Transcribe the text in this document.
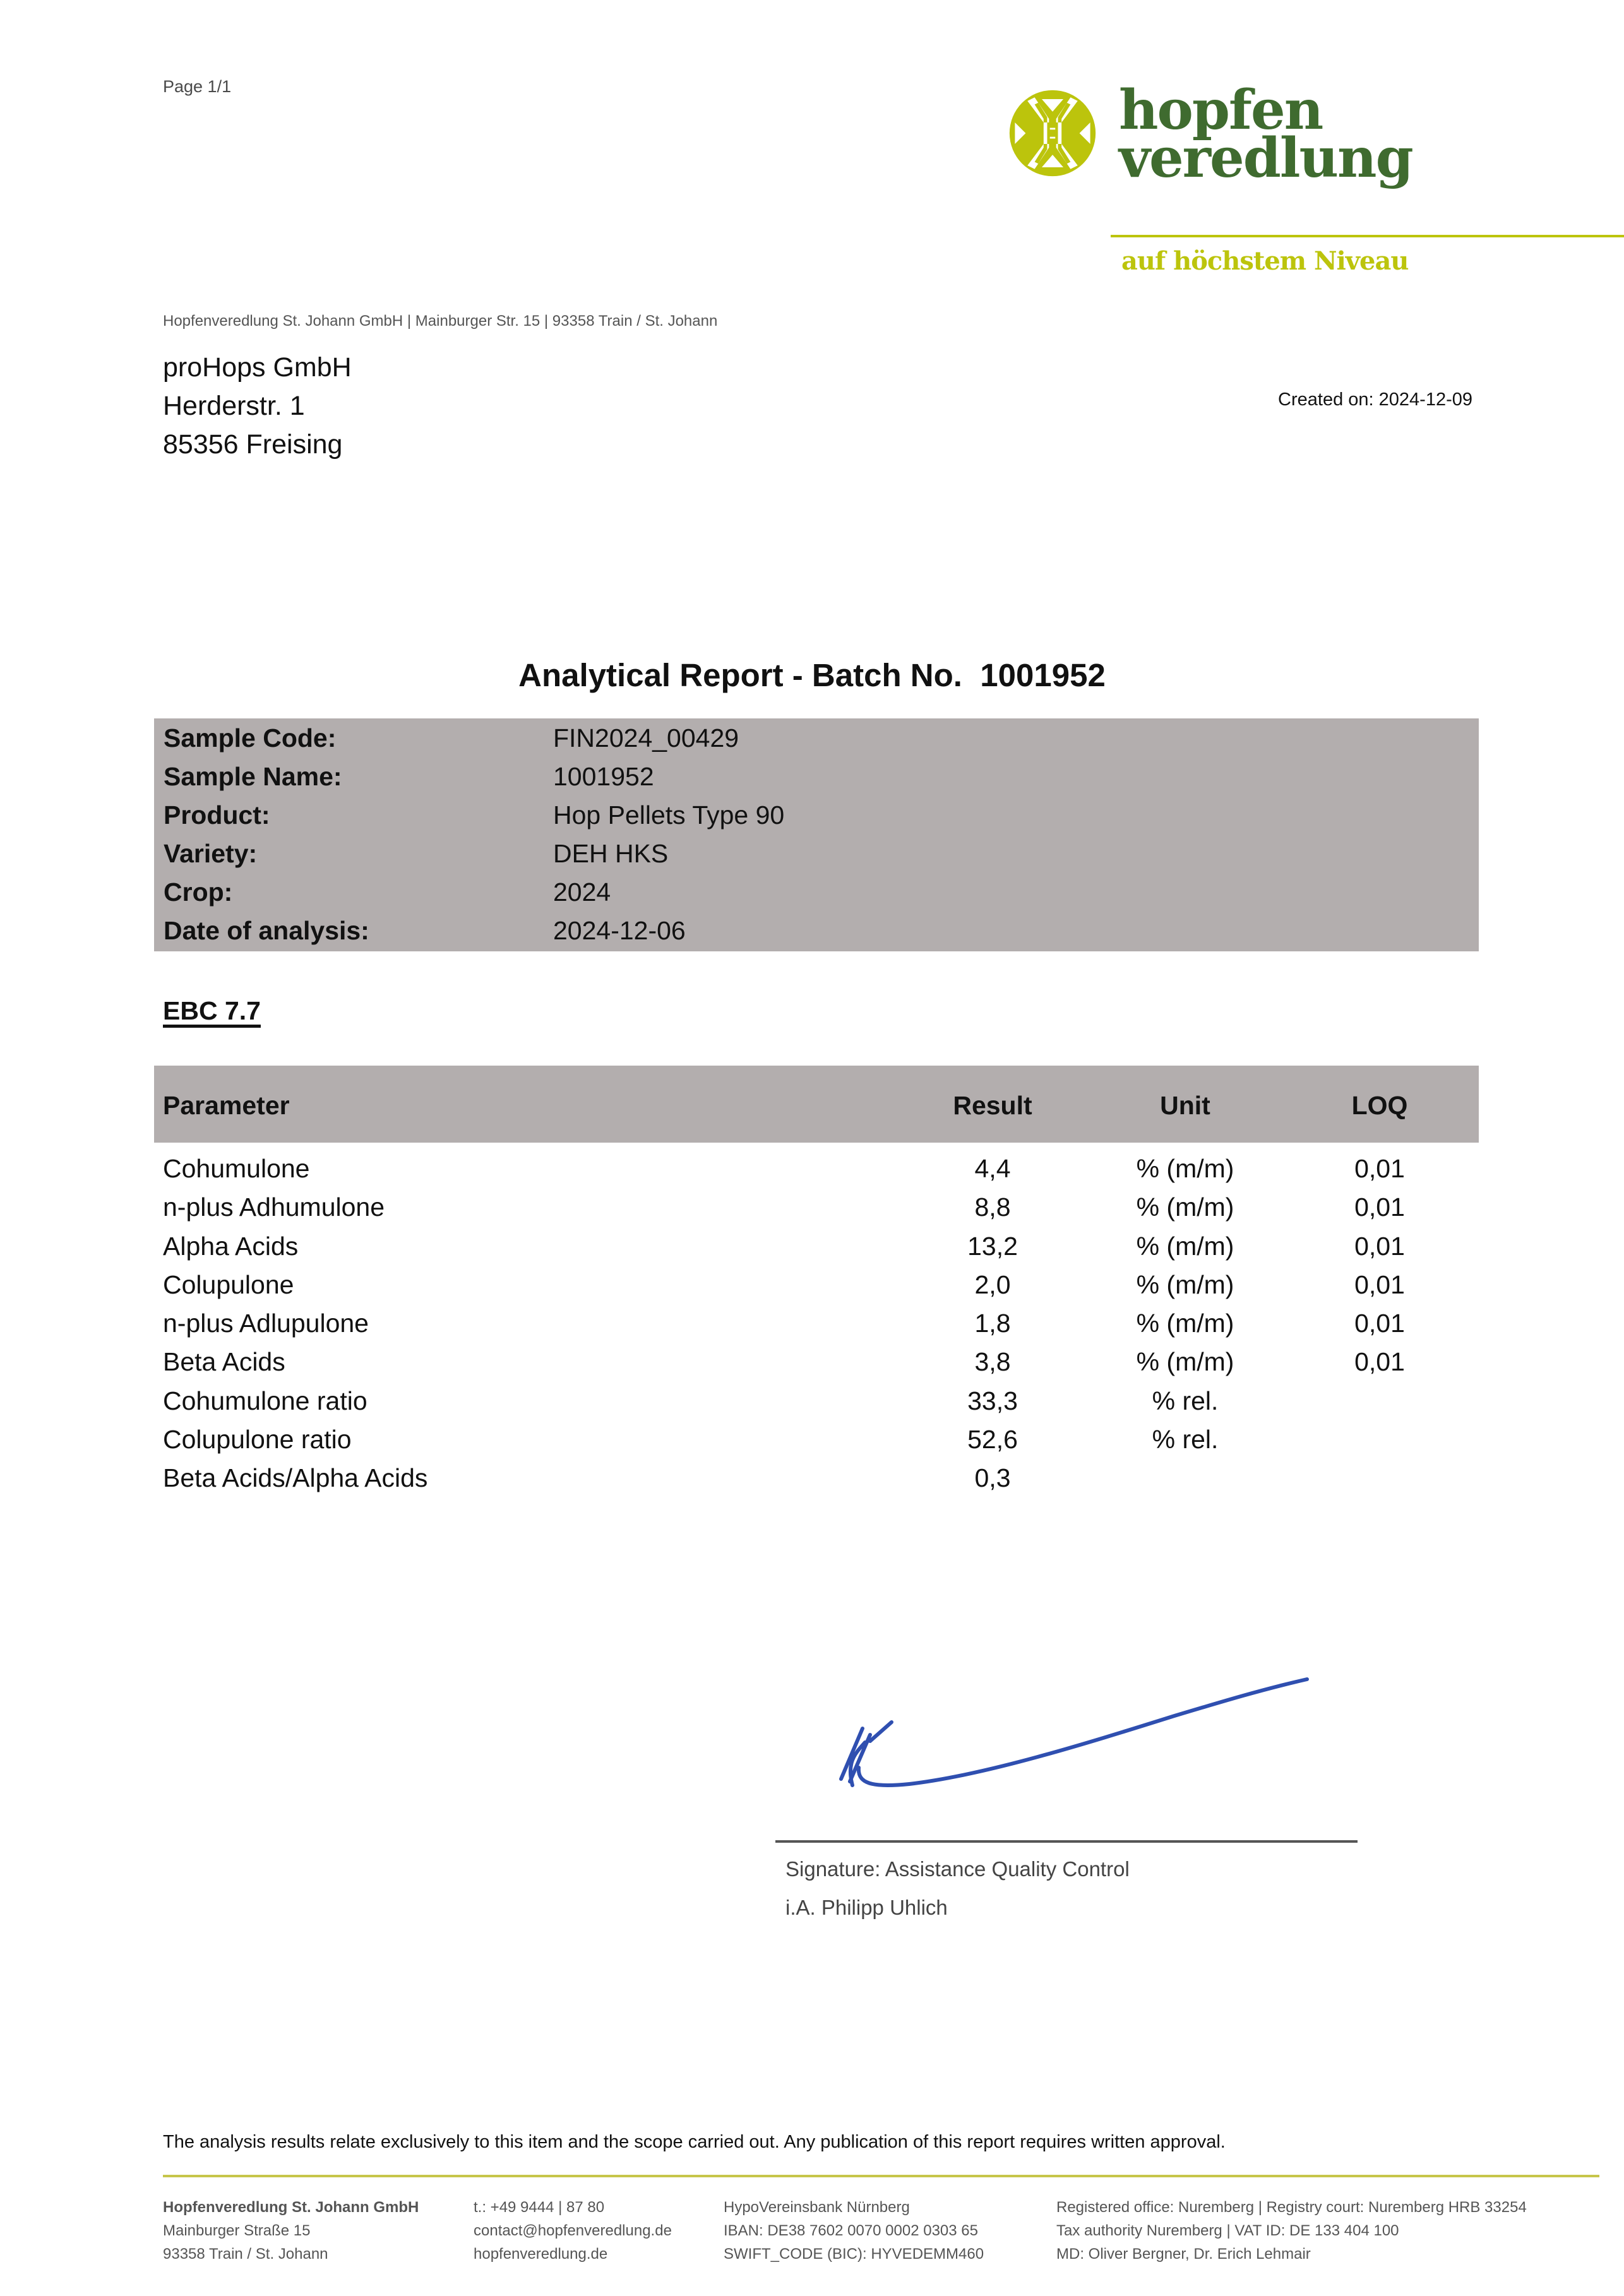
Page 1/1	hopfen
veredlung
auf höchstem Niveau
Hopfenveredlung St. Johann GmbH | Mainburger Str. 15 | 93358 Train / St. Johann
proHops GmbH
Herderstr. 1
85356 Freising
Created on: 2024-12-09
Analytical Report - Batch No.  1001952
Sample Code:	FIN2024_00429
Sample Name:	1001952
Product:	Hop Pellets Type 90
Variety:	DEH HKS
Crop:	2024
Date of analysis:	2024-12-06
EBC 7.7
Parameter	Result	Unit	LOQ
Cohumulone	4,4	% (m/m)	0,01
n-plus Adhumulone	8,8	% (m/m)	0,01
Alpha Acids	13,2	% (m/m)	0,01
Colupulone	2,0	% (m/m)	0,01
n-plus Adlupulone	1,8	% (m/m)	0,01
Beta Acids	3,8	% (m/m)	0,01
Cohumulone ratio	33,3	% rel.
Colupulone ratio	52,6	% rel.
Beta Acids/Alpha Acids	0,3
Signature: Assistance Quality Control
i.A. Philipp Uhlich
The analysis results relate exclusively to this item and the scope carried out. Any publication of this report requires written approval.
Hopfenveredlung St. Johann GmbH
Mainburger Straße 15
93358 Train / St. Johann
t.: +49 9444 | 87 80
contact@hopfenveredlung.de
hopfenveredlung.de
HypoVereinsbank Nürnberg
IBAN: DE38 7602 0070 0002 0303 65
SWIFT_CODE (BIC): HYVEDEMM460
Registered office: Nuremberg | Registry court: Nuremberg HRB 33254
Tax authority Nuremberg | VAT ID: DE 133 404 100
MD: Oliver Bergner, Dr. Erich Lehmair
